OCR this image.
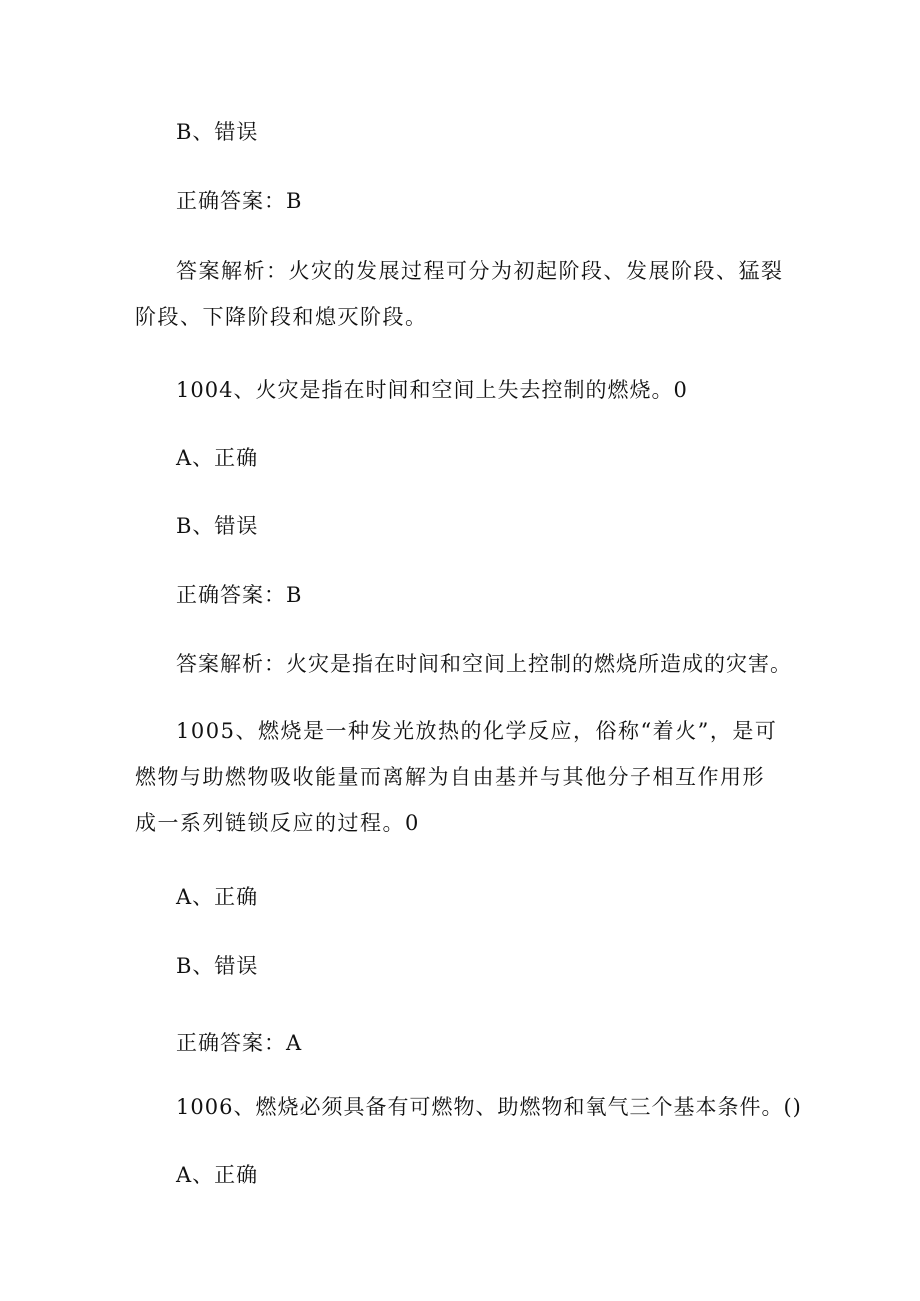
B、错误
正确答案：B
答案解析：火灾的发展过程可分为初起阶段、发展阶段、猛裂阶段、下降阶段和熄灭阶段。
1004、火灾是指在时间和空间上失去控制的燃烧。0
A、正确
B、错误
正确答案：B
答案解析：火灾是指在时间和空间上控制的燃烧所造成的灾害。
1005、燃烧是一种发光放热的化学反应，俗称“着火”，是可燃物与助燃物吸收能量而离解为自由基并与其他分子相互作用形成一系列链锁反应的过程。0
A、正确
B、错误
正确答案：A
1006、燃烧必须具备有可燃物、助燃物和氧气三个基本条件。()
A、正确
